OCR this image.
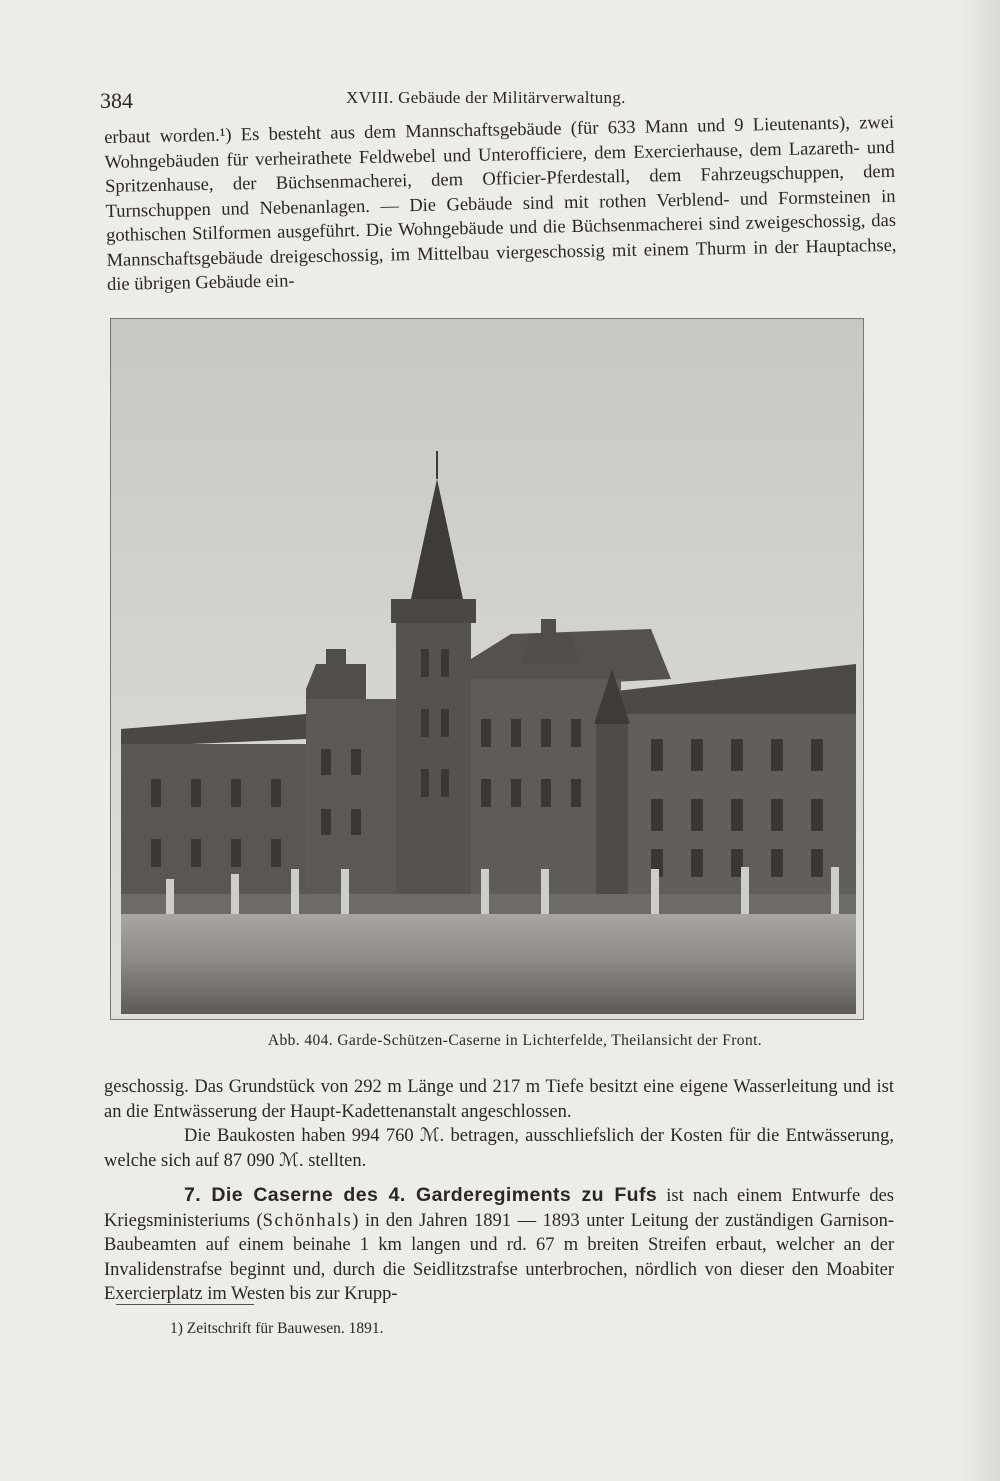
384	XVIII. Gebäude der Militärverwaltung.

erbaut worden.¹) Es besteht aus dem Mannschaftsgebäude (für 633 Mann und 9 Lieutenants), zwei Wohngebäuden für verheirathete Feldwebel und Unterofficiere, dem Exercierhause, dem Lazareth- und Spritzenhause, der Büchsenmacherei, dem Officier-Pferdestall, dem Fahrzeugschuppen, dem Turnschuppen und Nebenanlagen. — Die Gebäude sind mit rothen Verblend- und Formsteinen in gothischen Stilformen ausgeführt. Die Wohngebäude und die Büchsenmacherei sind zweigeschossig, das Mannschaftsgebäude dreigeschossig, im Mittelbau viergeschossig mit einem Thurm in der Hauptachse, die übrigen Gebäude ein-

Abb. 404. Garde-Schützen-Caserne in Lichterfelde, Theilansicht der Front.

geschossig. Das Grundstück von 292 m Länge und 217 m Tiefe besitzt eine eigene Wasserleitung und ist an die Entwässerung der Haupt-Kadettenanstalt angeschlossen.

Die Baukosten haben 994 760 ℳ. betragen, ausschliefslich der Kosten für die Entwässerung, welche sich auf 87 090 ℳ. stellten.

7. Die Caserne des 4. Garderegiments zu Fufs ist nach einem Entwurfe des Kriegsministeriums (Schönhals) in den Jahren 1891 — 1893 unter Leitung der zuständigen Garnison-Baubeamten auf einem beinahe 1 km langen und rd. 67 m breiten Streifen erbaut, welcher an der Invalidenstrafse beginnt und, durch die Seidlitzstrafse unterbrochen, nördlich von dieser den Moabiter Exercierplatz im Westen bis zur Krupp-

1) Zeitschrift für Bauwesen. 1891.
